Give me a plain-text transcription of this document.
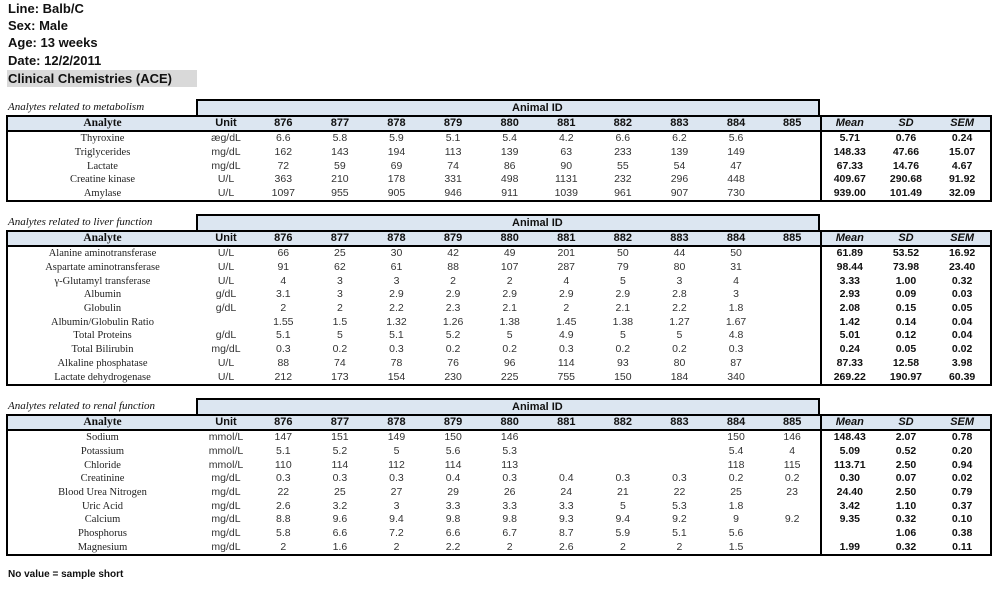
Line: Balb/C
Sex: Male
Age: 13 weeks
Date: 12/2/2011
Clinical Chemistries (ACE)
Analytes related to metabolism	Animal ID
Analyte	Unit	876	877	878	879	880	881	882	883	884	885	Mean	SD	SEM
Thyroxine	æg/dL	6.6	5.8	5.9	5.1	5.4	4.2	6.6	6.2	5.6		5.71	0.76	0.24
Triglycerides	mg/dL	162	143	194	113	139	63	233	139	149		148.33	47.66	15.07
Lactate	mg/dL	72	59	69	74	86	90	55	54	47		67.33	14.76	4.67
Creatine kinase	U/L	363	210	178	331	498	1131	232	296	448		409.67	290.68	91.92
Amylase	U/L	1097	955	905	946	911	1039	961	907	730		939.00	101.49	32.09
Analytes related to liver function	Animal ID
Analyte	Unit	876	877	878	879	880	881	882	883	884	885	Mean	SD	SEM
Alanine aminotransferase	U/L	66	25	30	42	49	201	50	44	50		61.89	53.52	16.92
Aspartate aminotransferase	U/L	91	62	61	88	107	287	79	80	31		98.44	73.98	23.40
γ-Glutamyl transferase	U/L	4	3	3	2	2	4	5	3	4		3.33	1.00	0.32
Albumin	g/dL	3.1	3	2.9	2.9	2.9	2.9	2.9	2.8	3		2.93	0.09	0.03
Globulin	g/dL	2	2	2.2	2.3	2.1	2	2.1	2.2	1.8		2.08	0.15	0.05
Albumin/Globulin Ratio		1.55	1.5	1.32	1.26	1.38	1.45	1.38	1.27	1.67		1.42	0.14	0.04
Total Proteins	g/dL	5.1	5	5.1	5.2	5	4.9	5	5	4.8		5.01	0.12	0.04
Total Bilirubin	mg/dL	0.3	0.2	0.3	0.2	0.2	0.3	0.2	0.2	0.3		0.24	0.05	0.02
Alkaline phosphatase	U/L	88	74	78	76	96	114	93	80	87		87.33	12.58	3.98
Lactate dehydrogenase	U/L	212	173	154	230	225	755	150	184	340		269.22	190.97	60.39
Analytes related to renal function	Animal ID
Analyte	Unit	876	877	878	879	880	881	882	883	884	885	Mean	SD	SEM
Sodium	mmol/L	147	151	149	150	146				150	146	148.43	2.07	0.78
Potassium	mmol/L	5.1	5.2	5	5.6	5.3				5.4	4	5.09	0.52	0.20
Chloride	mmol/L	110	114	112	114	113				118	115	113.71	2.50	0.94
Creatinine	mg/dL	0.3	0.3	0.3	0.4	0.3	0.4	0.3	0.3	0.2	0.2	0.30	0.07	0.02
Blood Urea Nitrogen	mg/dL	22	25	27	29	26	24	21	22	25	23	24.40	2.50	0.79
Uric Acid	mg/dL	2.6	3.2	3	3.3	3.3	3.3	5	5.3	1.8		3.42	1.10	0.37
Calcium	mg/dL	8.8	9.6	9.4	9.8	9.8	9.3	9.4	9.2	9	9.2	9.35	0.32	0.10
Phosphorus	mg/dL	5.8	6.6	7.2	6.6	6.7	8.7	5.9	5.1	5.6			1.06	0.38
Magnesium	mg/dL	2	1.6	2	2.2	2	2.6	2	2	1.5		1.99	0.32	0.11
No value = sample short
